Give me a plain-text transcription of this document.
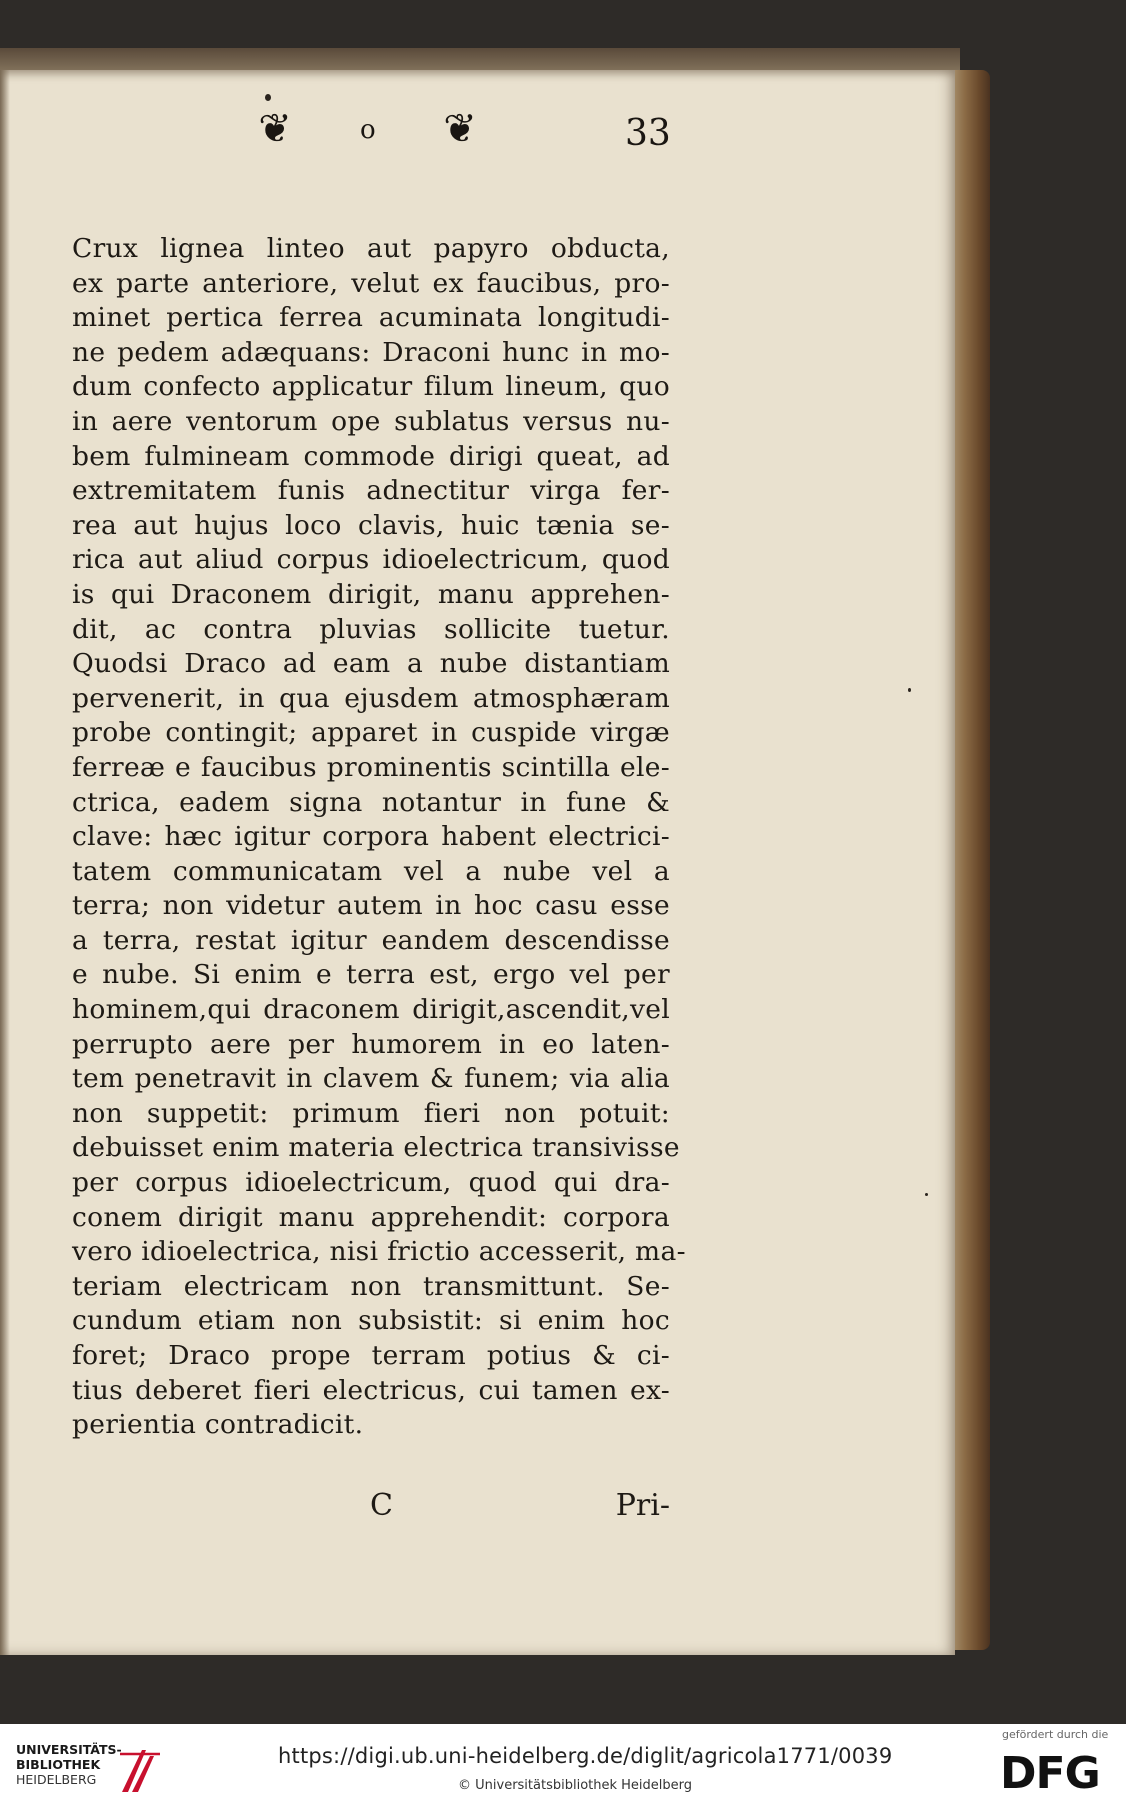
❦	o ❦	33
Crux lignea linteo aut papyro obducta,
ex parte anteriore, velut ex faucibus, pro-
minet pertica ferrea acuminata longitudi-
ne pedem adæquans: Draconi hunc in mo-
dum confecto applicatur filum lineum, quo
in aere ventorum ope sublatus versus nu-
bem fulmineam commode dirigi queat, ad
extremitatem funis adnectitur virga fer-
rea aut hujus loco clavis, huic tænia se-
rica aut aliud corpus idioelectricum, quod
is qui Draconem dirigit, manu apprehen-
dit, ac contra pluvias sollicite tuetur.
Quodsi Draco ad eam a nube distantiam
pervenerit, in qua ejusdem atmosphæram
probe contingit; apparet in cuspide virgæ
ferreæ e faucibus prominentis scintilla ele-
ctrica, eadem signa notantur in fune &
clave: hæc igitur corpora habent electrici-
tatem communicatam vel a nube vel a
terra; non videtur autem in hoc casu esse
a terra, restat igitur eandem descendisse
e nube. Si enim e terra est, ergo vel per
hominem,qui draconem dirigit,ascendit,vel
perrupto aere per humorem in eo laten-
tem penetravit in clavem & funem; via alia
non suppetit: primum fieri non potuit:
debuisset enim materia electrica transivisse
per corpus idioelectricum, quod qui dra-
conem dirigit manu apprehendit: corpora
vero idioelectrica, nisi frictio accesserit, ma-
teriam electricam non transmittunt. Se-
cundum etiam non subsistit: si enim hoc
foret; Draco prope terram potius & ci-
tius deberet fieri electricus, cui tamen ex-
perientia contradicit.
C	Pri-
UNIVERSITÄTS-
BIBLIOTHEK
HEIDELBERG
https://digi.ub.uni-heidelberg.de/diglit/agricola1771/0039
© Universitätsbibliothek Heidelberg
gefördert durch die
DFG
